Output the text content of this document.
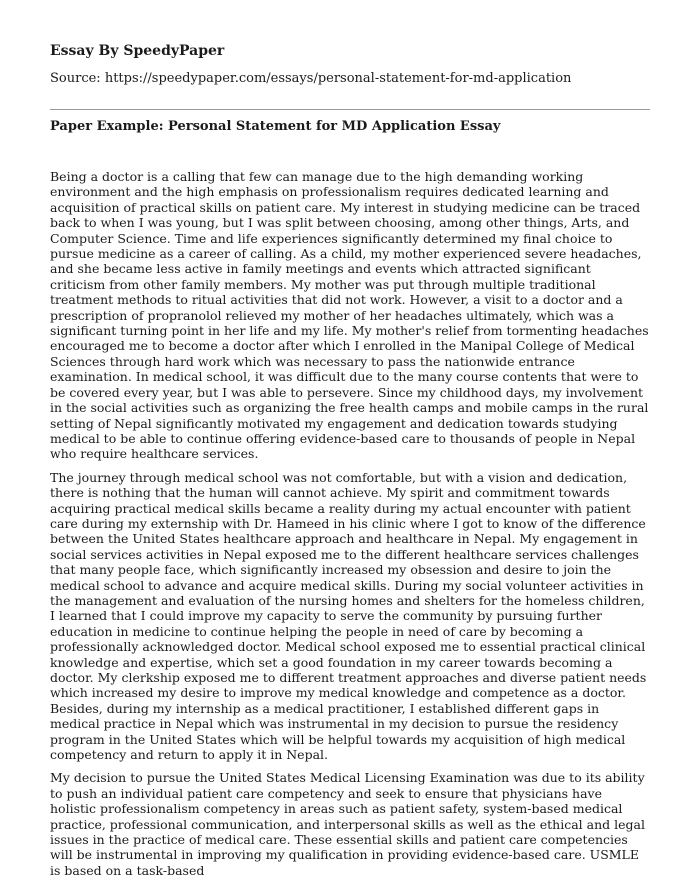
Essay By SpeedyPaper

Source: https://speedypaper.com/essays/personal-statement-for-md-application

Paper Example: Personal Statement for MD Application Essay

Being a doctor is a calling that few can manage due to the high demanding working environment and the high emphasis on professionalism requires dedicated learning and acquisition of practical skills on patient care. My interest in studying medicine can be traced back to when I was young, but I was split between choosing, among other things, Arts, and Computer Science. Time and life experiences significantly determined my final choice to pursue medicine as a career of calling. As a child, my mother experienced severe headaches, and she became less active in family meetings and events which attracted significant criticism from other family members. My mother was put through multiple traditional treatment methods to ritual activities that did not work. However, a visit to a doctor and a prescription of propranolol relieved my mother of her headaches ultimately, which was a significant turning point in her life and my life. My mother's relief from tormenting headaches encouraged me to become a doctor after which I enrolled in the Manipal College of Medical Sciences through hard work which was necessary to pass the nationwide entrance examination. In medical school, it was difficult due to the many course contents that were to be covered every year, but I was able to persevere. Since my childhood days, my involvement in the social activities such as organizing the free health camps and mobile camps in the rural setting of Nepal significantly motivated my engagement and dedication towards studying medical to be able to continue offering evidence-based care to thousands of people in Nepal who require healthcare services.

The journey through medical school was not comfortable, but with a vision and dedication, there is nothing that the human will cannot achieve. My spirit and commitment towards acquiring practical medical skills became a reality during my actual encounter with patient care during my externship with Dr. Hameed in his clinic where I got to know of the difference between the United States healthcare approach and healthcare in Nepal. My engagement in social services activities in Nepal exposed me to the different healthcare services challenges that many people face, which significantly increased my obsession and desire to join the medical school to advance and acquire medical skills. During my social volunteer activities in the management and evaluation of the nursing homes and shelters for the homeless children, I learned that I could improve my capacity to serve the community by pursuing further education in medicine to continue helping the people in need of care by becoming a professionally acknowledged doctor. Medical school exposed me to essential practical clinical knowledge and expertise, which set a good foundation in my career towards becoming a doctor. My clerkship exposed me to different treatment approaches and diverse patient needs which increased my desire to improve my medical knowledge and competence as a doctor. Besides, during my internship as a medical practitioner, I established different gaps in medical practice in Nepal which was instrumental in my decision to pursue the residency program in the United States which will be helpful towards my acquisition of high medical competency and return to apply it in Nepal.

My decision to pursue the United States Medical Licensing Examination was due to its ability to push an individual patient care competency and seek to ensure that physicians have holistic professionalism competency in areas such as patient safety, system-based medical practice, professional communication, and interpersonal skills as well as the ethical and legal issues in the practice of medical care. These essential skills and patient care competencies will be instrumental in improving my qualification in providing evidence-based care. USMLE is based on a task-based
